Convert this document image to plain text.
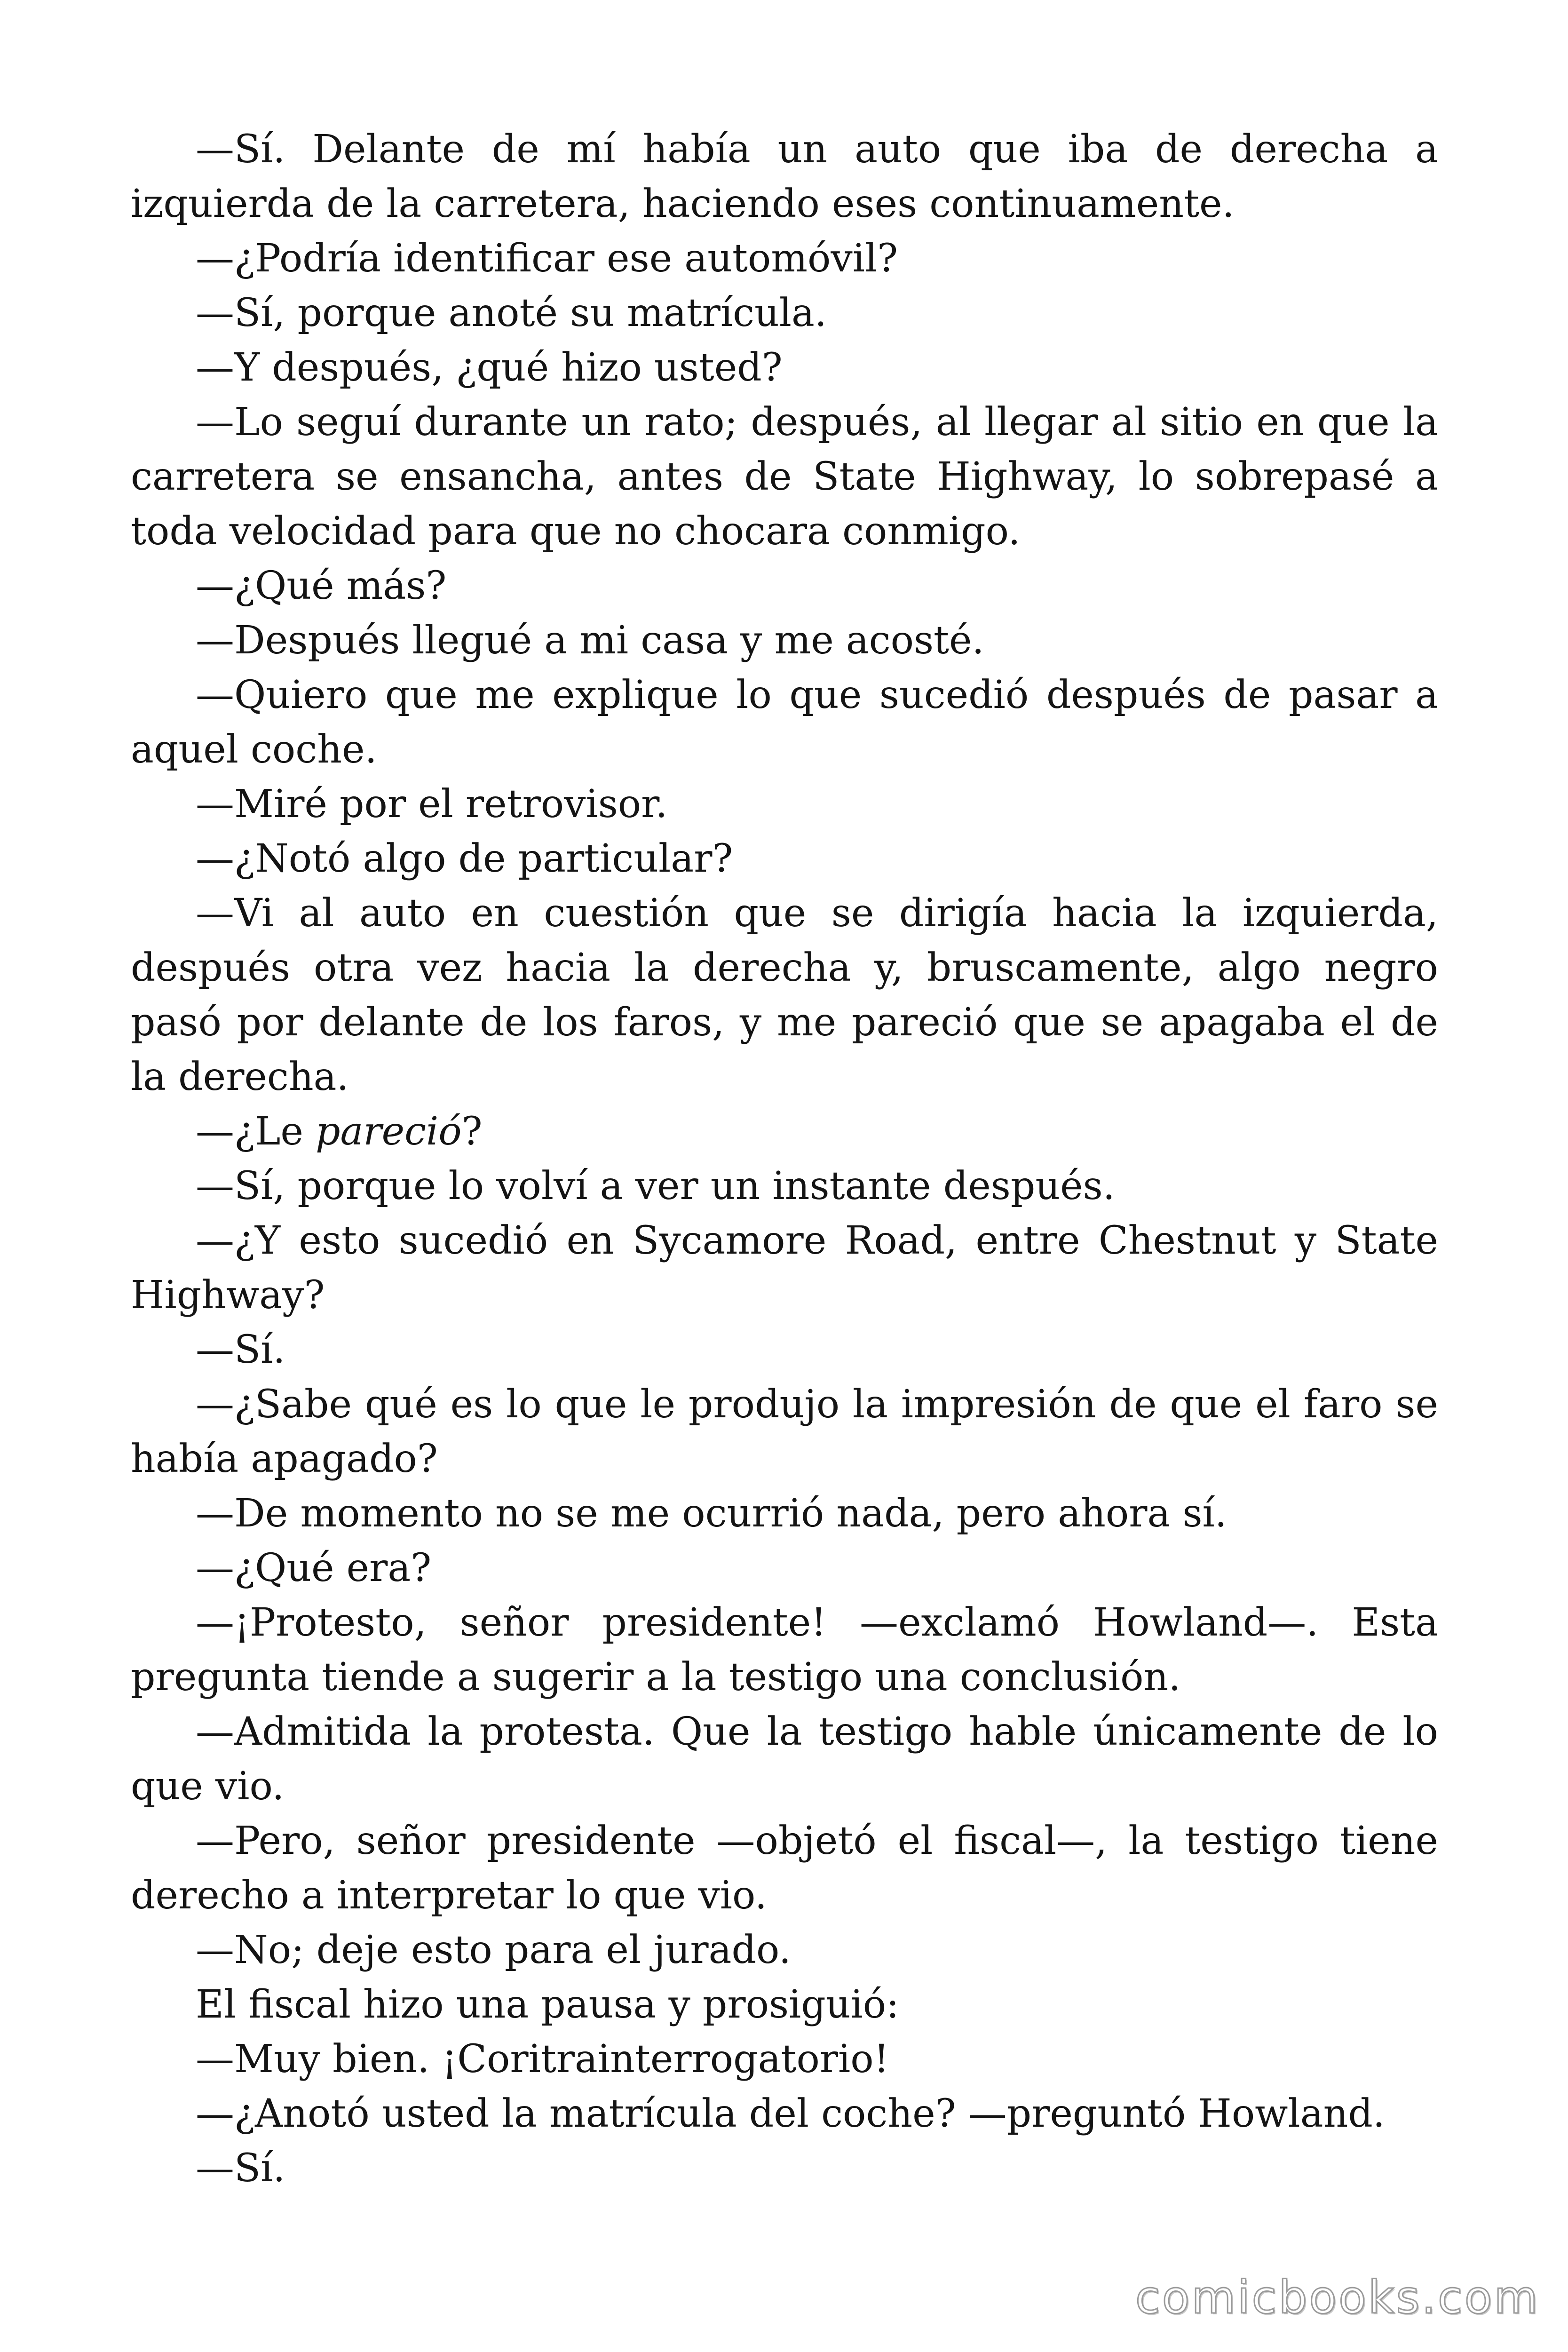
—Sí. Delante de mí había un auto que iba de derecha a izquierda de la carretera, haciendo eses continuamente.

—¿Podría identificar ese automóvil?

—Sí, porque anoté su matrícula.

—Y después, ¿qué hizo usted?

—Lo seguí durante un rato; después, al llegar al sitio en que la carretera se ensancha, antes de State Highway, lo sobrepasé a toda velocidad para que no chocara conmigo.

—¿Qué más?

—Después llegué a mi casa y me acosté.

—Quiero que me explique lo que sucedió después de pasar a aquel coche.

—Miré por el retrovisor.

—¿Notó algo de particular?

—Vi al auto en cuestión que se dirigía hacia la izquierda, después otra vez hacia la derecha y, bruscamente, algo negro pasó por delante de los faros, y me pareció que se apagaba el de la derecha.

—¿Le pareció?

—Sí, porque lo volví a ver un instante después.

—¿Y esto sucedió en Sycamore Road, entre Chestnut y State Highway?

—Sí.

—¿Sabe qué es lo que le produjo la impresión de que el faro se había apagado?

—De momento no se me ocurrió nada, pero ahora sí.

—¿Qué era?

—¡Protesto, señor presidente! —exclamó Howland—. Esta pregunta tiende a sugerir a la testigo una conclusión.

—Admitida la protesta. Que la testigo hable únicamente de lo que vio.

—Pero, señor presidente —objetó el fiscal—, la testigo tiene derecho a interpretar lo que vio.

—No; deje esto para el jurado.

El fiscal hizo una pausa y prosiguió:

—Muy bien. ¡Coritrainterrogatorio!

—¿Anotó usted la matrícula del coche? —preguntó Howland.

—Sí.

comicbooks.com
